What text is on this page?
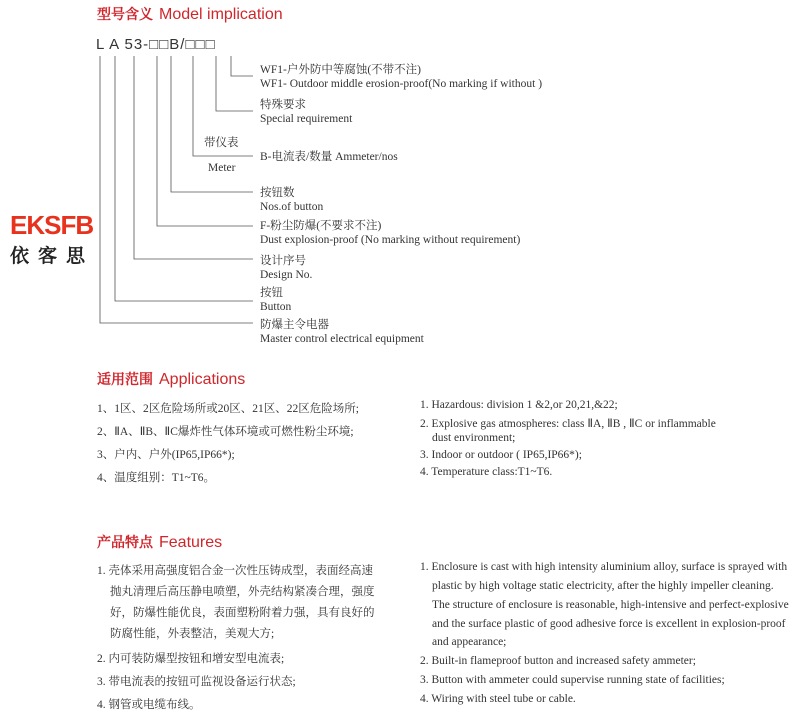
型号含义 Model implication
L A 53-□□B/□□□
WF1-户外防中等腐蚀(不带不注)
WF1- Outdoor middle erosion-proof(No marking if without )
特殊要求
Special requirement
带仪表
B-电流表/数量 Ammeter/nos
Meter
按钮数
Nos.of button
F-粉尘防爆(不要求不注)
Dust explosion-proof (No marking without requirement)
设计序号
Design No.
按钮
Button
防爆主令电器
Master control electrical equipment
EKSFB
依客思
适用范围 Applications
1、1区、2区危险场所或20区、21区、22区危险场所;
2、ⅡA、ⅡB、ⅡC爆炸性气体环境或可燃性粉尘环境;
3、户内、户外(IP65,IP66*);
4、温度组别：T1~T6。
1. Hazardous: division 1 &2,or 20,21,&22;
2. Explosive gas atmospheres: class ⅡA, ⅡB , ⅡC or inflammable
dust environment;
3. Indoor or outdoor ( IP65,IP66*);
4. Temperature class:T1~T6.
产品特点 Features
1. 壳体采用高强度铝合金一次性压铸成型，表面经高速
抛丸清理后高压静电喷塑，外壳结构紧凑合理，强度
好，防爆性能优良，表面塑粉附着力强，具有良好的
防腐性能，外表整洁，美观大方;
2. 内可装防爆型按钮和增安型电流表;
3. 带电流表的按钮可监视设备运行状态;
4. 钢管或电缆布线。
1. Enclosure is cast with high intensity aluminium alloy, surface is sprayed with
plastic by high voltage static electricity, after the highly impeller cleaning.
The structure of enclosure is reasonable, high-intensive and perfect-explosive
and the surface plastic of good adhesive force is excellent in explosion-proof
and appearance;
2. Built-in flameproof button and increased safety ammeter;
3. Button with ammeter could supervise running state of facilities;
4. Wiring with steel tube or cable.
